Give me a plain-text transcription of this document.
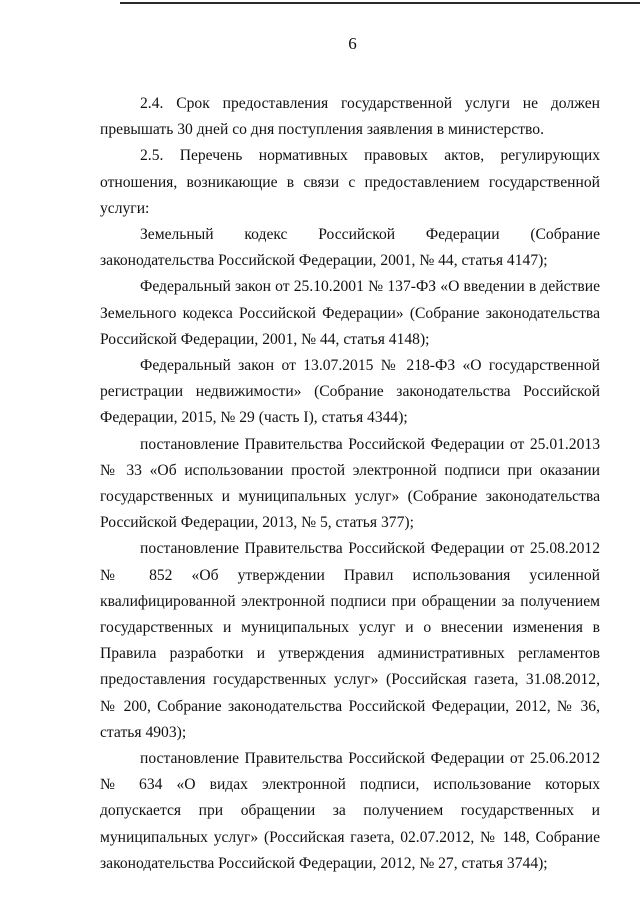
6

2.4. Срок предоставления государственной услуги не должен превышать 30 дней со дня поступления заявления в министерство.

2.5. Перечень нормативных правовых актов, регулирующих отношения, возникающие в связи с предоставлением государственной услуги:

Земельный кодекс Российской Федерации (Собрание законодательства Российской Федерации, 2001, № 44, статья 4147);

Федеральный закон от 25.10.2001 № 137-ФЗ «О введении в действие Земельного кодекса Российской Федерации» (Собрание законодательства Российской Федерации, 2001, № 44, статья 4148);

Федеральный закон от 13.07.2015 № 218-ФЗ «О государственной регистрации недвижимости» (Собрание законодательства Российской Федерации, 2015, № 29 (часть I), статья 4344);

постановление Правительства Российской Федерации от 25.01.2013 № 33 «Об использовании простой электронной подписи при оказании государственных и муниципальных услуг» (Собрание законодательства Российской Федерации, 2013, № 5, статья 377);

постановление Правительства Российской Федерации от 25.08.2012 № 852 «Об утверждении Правил использования усиленной квалифицированной электронной подписи при обращении за получением государственных и муниципальных услуг и о внесении изменения в Правила разработки и утверждения административных регламентов предоставления государственных услуг» (Российская газета, 31.08.2012, № 200, Собрание законодательства Российской Федерации, 2012, № 36, статья 4903);

постановление Правительства Российской Федерации от 25.06.2012 № 634 «О видах электронной подписи, использование которых допускается при обращении за получением государственных и муниципальных услуг» (Российская газета, 02.07.2012, № 148, Собрание законодательства Российской Федерации, 2012, № 27, статья 3744);
